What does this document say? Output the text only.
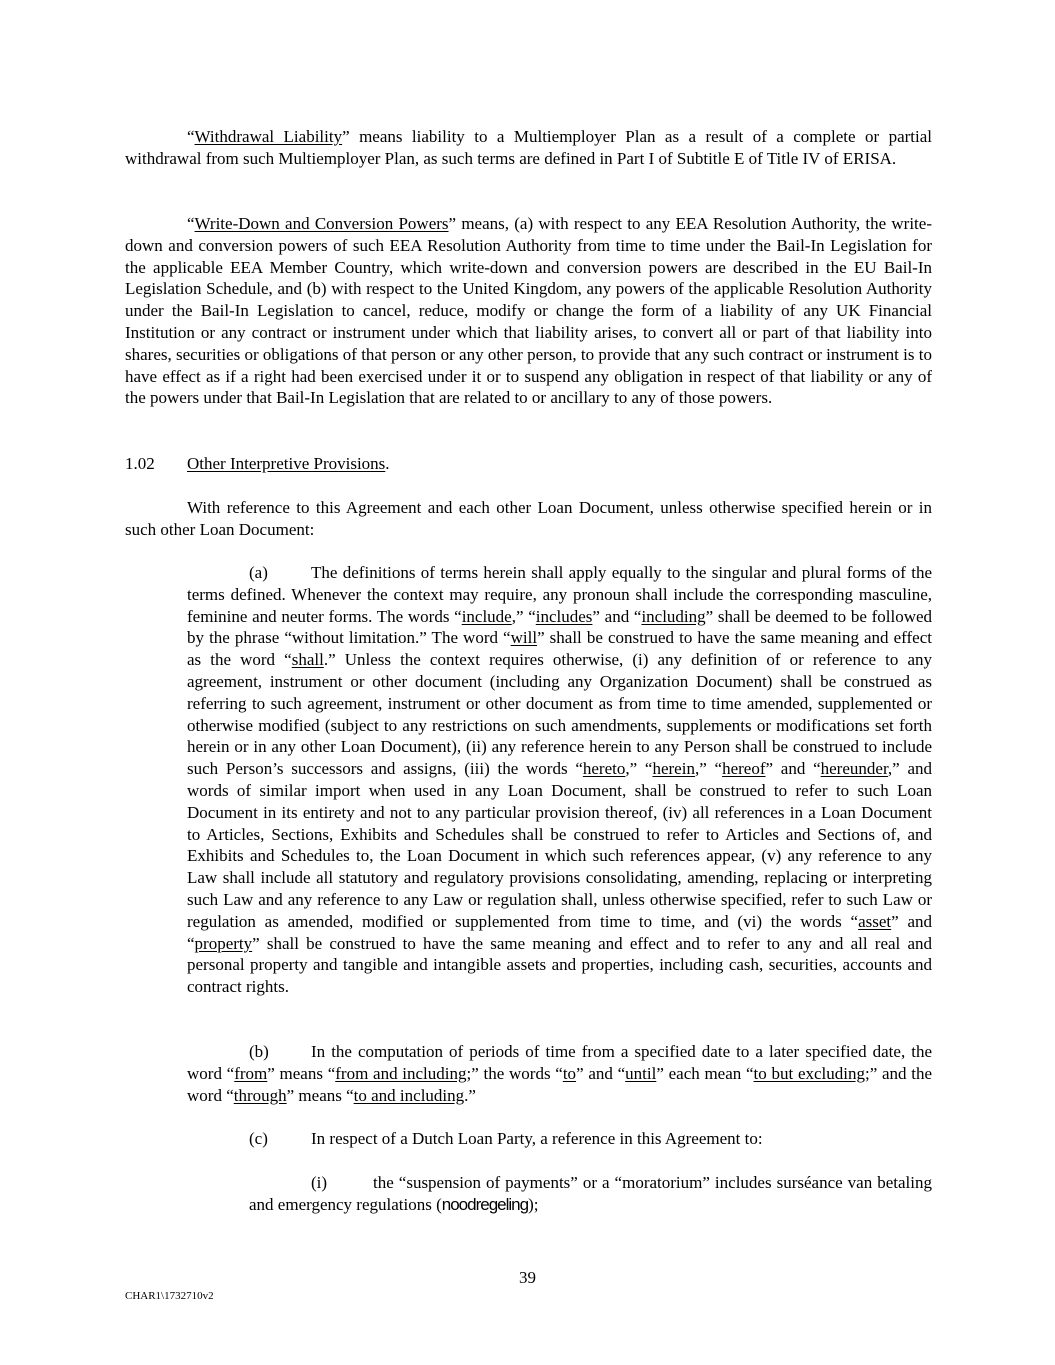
“Withdrawal Liability” means liability to a Multiemployer Plan as a result of a complete or partial withdrawal from such Multiemployer Plan, as such terms are defined in Part I of Subtitle E of Title IV of ERISA.

“Write-Down and Conversion Powers” means, (a) with respect to any EEA Resolution Authority, the write-down and conversion powers of such EEA Resolution Authority from time to time under the Bail-In Legislation for the applicable EEA Member Country, which write-down and conversion powers are described in the EU Bail-In Legislation Schedule, and (b) with respect to the United Kingdom, any powers of the applicable Resolution Authority under the Bail-In Legislation to cancel, reduce, modify or change the form of a liability of any UK Financial Institution or any contract or instrument under which that liability arises, to convert all or part of that liability into shares, securities or obligations of that person or any other person, to provide that any such contract or instrument is to have effect as if a right had been exercised under it or to suspend any obligation in respect of that liability or any of the powers under that Bail-In Legislation that are related to or ancillary to any of those powers.

1.02 Other Interpretive Provisions.

With reference to this Agreement and each other Loan Document, unless otherwise specified herein or in such other Loan Document:

(a)	The definitions of terms herein shall apply equally to the singular and plural forms of the terms defined. Whenever the context may require, any pronoun shall include the corresponding masculine, feminine and neuter forms. The words “include,” “includes” and “including” shall be deemed to be followed by the phrase “without limitation.” The word “will” shall be construed to have the same meaning and effect as the word “shall.” Unless the context requires otherwise, (i) any definition of or reference to any agreement, instrument or other document (including any Organization Document) shall be construed as referring to such agreement, instrument or other document as from time to time amended, supplemented or otherwise modified (subject to any restrictions on such amendments, supplements or modifications set forth herein or in any other Loan Document), (ii) any reference herein to any Person shall be construed to include such Person’s successors and assigns, (iii) the words “hereto,” “herein,” “hereof” and “hereunder,” and words of similar import when used in any Loan Document, shall be construed to refer to such Loan Document in its entirety and not to any particular provision thereof, (iv) all references in a Loan Document to Articles, Sections, Exhibits and Schedules shall be construed to refer to Articles and Sections of, and Exhibits and Schedules to, the Loan Document in which such references appear, (v) any reference to any Law shall include all statutory and regulatory provisions consolidating, amending, replacing or interpreting such Law and any reference to any Law or regulation shall, unless otherwise specified, refer to such Law or regulation as amended, modified or supplemented from time to time, and (vi) the words “asset” and “property” shall be construed to have the same meaning and effect and to refer to any and all real and personal property and tangible and intangible assets and properties, including cash, securities, accounts and contract rights.

(b) In the computation of periods of time from a specified date to a later specified date, the word “from” means “from and including;” the words “to” and “until” each mean “to but excluding;” and the word “through” means “to and including.”

(c)	In respect of a Dutch Loan Party, a reference in this Agreement to:

(i)	the “suspension of payments” or a “moratorium” includes surséance van betaling and emergency regulations (noodregeling);

39

CHAR1\1732710v2
